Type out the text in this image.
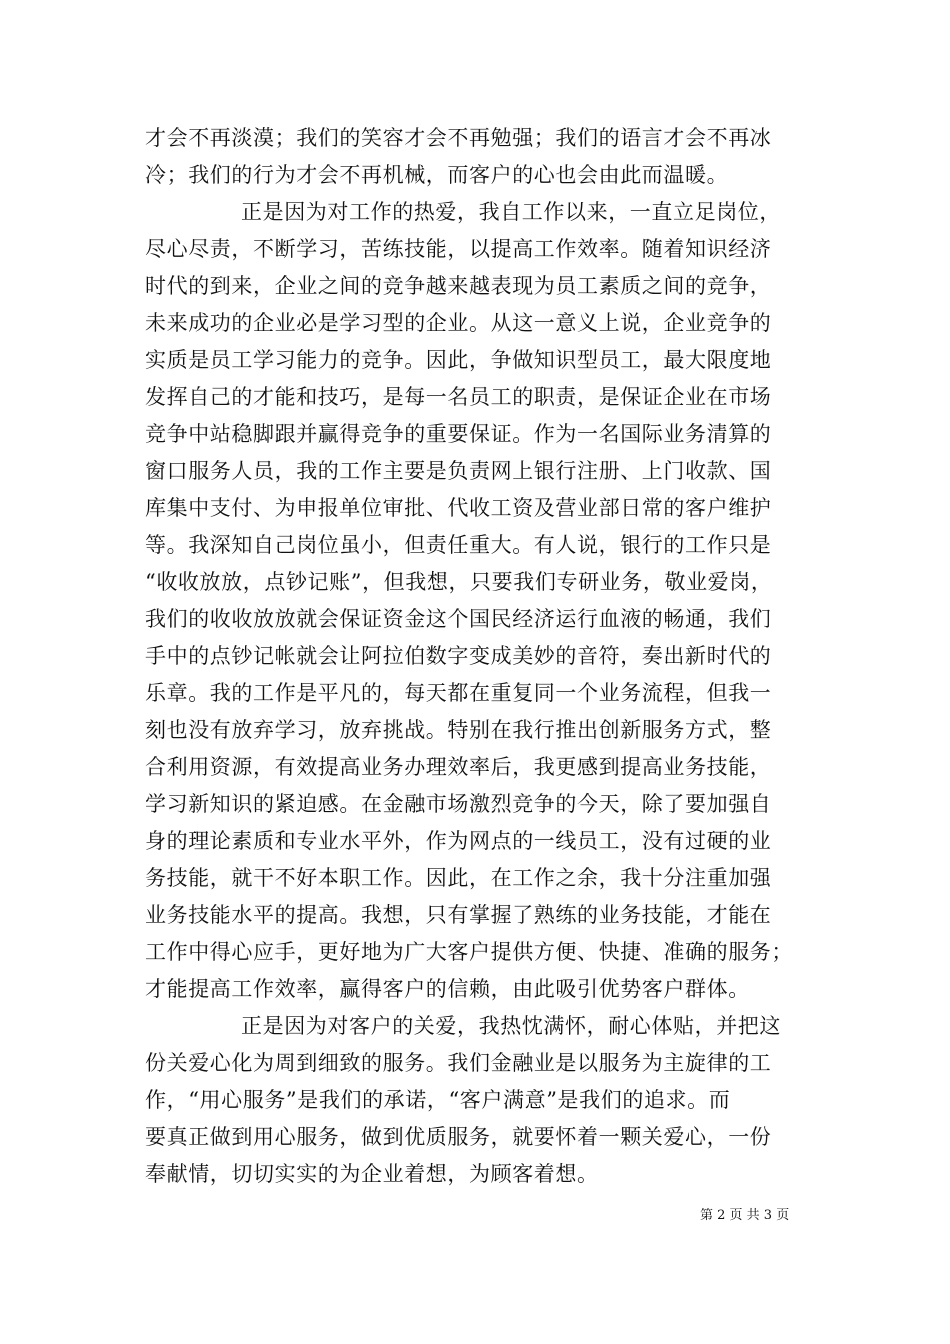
才会不再淡漠；我们的笑容才会不再勉强；我们的语言才会不再冰
冷；我们的行为才会不再机械，而客户的心也会由此而温暖。
正是因为对工作的热爱，我自工作以来，一直立足岗位，
尽心尽责，不断学习，苦练技能，以提高工作效率。随着知识经济
时代的到来，企业之间的竞争越来越表现为员工素质之间的竞争，
未来成功的企业必是学习型的企业。从这一意义上说，企业竞争的
实质是员工学习能力的竞争。因此，争做知识型员工，最大限度地
发挥自己的才能和技巧，是每一名员工的职责，是保证企业在市场
竞争中站稳脚跟并赢得竞争的重要保证。作为一名国际业务清算的
窗口服务人员，我的工作主要是负责网上银行注册、上门收款、国
库集中支付、为申报单位审批、代收工资及营业部日常的客户维护
等。我深知自己岗位虽小，但责任重大。有人说，银行的工作只是
“收收放放，点钞记账”，但我想，只要我们专研业务，敬业爱岗，
我们的收收放放就会保证资金这个国民经济运行血液的畅通，我们
手中的点钞记帐就会让阿拉伯数字变成美妙的音符，奏出新时代的
乐章。我的工作是平凡的，每天都在重复同一个业务流程，但我一
刻也没有放弃学习，放弃挑战。特别在我行推出创新服务方式，整
合利用资源，有效提高业务办理效率后，我更感到提高业务技能，
学习新知识的紧迫感。在金融市场激烈竞争的今天，除了要加强自
身的理论素质和专业水平外，作为网点的一线员工，没有过硬的业
务技能，就干不好本职工作。因此，在工作之余，我十分注重加强
业务技能水平的提高。我想，只有掌握了熟练的业务技能，才能在
工作中得心应手，更好地为广大客户提供方便、快捷、准确的服务；
才能提高工作效率，赢得客户的信赖，由此吸引优势客户群体。
正是因为对客户的关爱，我热忱满怀，耐心体贴，并把这
份关爱心化为周到细致的服务。我们金融业是以服务为主旋律的工
作，“用心服务”是我们的承诺，“客户满意”是我们的追求。而
要真正做到用心服务，做到优质服务，就要怀着一颗关爱心，一份
奉献情，切切实实的为企业着想，为顾客着想。
第 2 页 共 3 页
